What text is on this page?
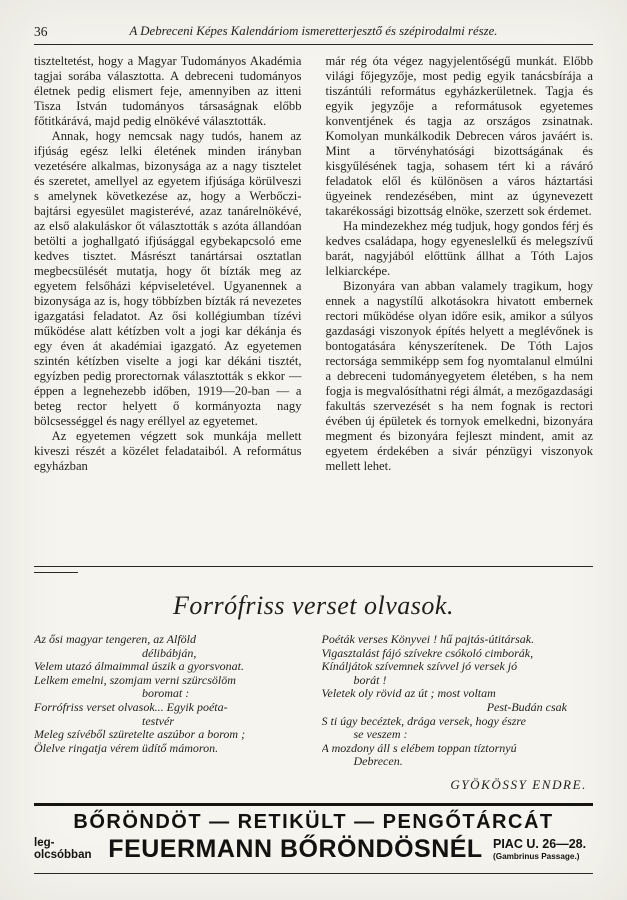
36	A Debreceni Képes Kalendáriom ismeretterjesztő és szépirodalmi része.

tiszteltetést, hogy a Magyar Tudományos Akadémia tagjai sorába választotta. A debreceni tudományos életnek pedig elismert feje, amennyiben az itteni Tisza István tudományos társaságnak előbb főtitkárává, majd pedig elnökévé választották.

Annak, hogy nemcsak nagy tudós, hanem az ifjúság egész lelki életének minden irányban vezetésére alkalmas, bizonysága az a nagy tisztelet és szeretet, amellyel az egyetem ifjúsága körülveszi s amelynek következése az, hogy a Werbőczi-bajtársi egyesület magisterévé, azaz tanárelnökévé, az első alakuláskor őt választották s azóta állandóan betölti a joghallgató ifjúsággal egybekapcsoló eme kedves tisztet. Másrészt tanártársai osztatlan megbecsülését mutatja, hogy őt bízták meg az egyetem felsőházi képviseletével. Ugyanennek a bizonysága az is, hogy többízben bízták rá nevezetes igazgatási feladatot. Az ősi kollégiumban tízévi működése alatt kétízben volt a jogi kar dékánja és egy éven át akadémiai igazgató. Az egyetemen szintén kétízben viselte a jogi kar dékáni tisztét, egyízben pedig prorectornak választották s ekkor — éppen a legnehezebb időben, 1919—20-ban — a beteg rector helyett ő kormányozta nagy bölcsességgel és nagy eréllyel az egyetemet.

Az egyetemen végzett sok munkája mellett kiveszi részét a közélet feladataiból. A református egyházban

már rég óta végez nagyjelentőségű munkát. Előbb világi főjegyzője, most pedig egyik tanácsbírája a tiszántúli református egyházkerületnek. Tagja és egyik jegyzője a reformátusok egyetemes konventjének és tagja az országos zsinatnak. Komolyan munkálkodik Debrecen város javáért is. Mint a törvényhatósági bizottságának és kisgyűlésének tagja, sohasem tért ki a ráváró feladatok elől és különösen a város háztartási ügyeinek rendezésében, mint az úgynevezett takarékossági bizottság elnöke, szerzett sok érdemet.

Ha mindezekhez még tudjuk, hogy gondos férj és kedves családapa, hogy egyeneslelkű és melegszívű barát, nagyjából előttünk állhat a Tóth Lajos lelkiarcképe.

Bizonyára van abban valamely tragikum, hogy ennek a nagystílű alkotásokra hivatott embernek rectori működése olyan időre esik, amikor a súlyos gazdasági viszonyok építés helyett a meglévőnek is bontogatására kényszerítenek. De Tóth Lajos rectorsága semmiképp sem fog nyomtalanul elmúlni a debreceni tudományegyetem életében, s ha nem fogja is megvalósíthatni régi álmát, a mezőgazdasági fakultás szervezését s ha nem fognak is rectori évében új épületek és tornyok emelkedni, bizonyára megment és bizonyára fejleszt mindent, amit az egyetem érdekében a sivár pénzügyi viszonyok mellett lehet.

Forrófriss verset olvasok.
Az ősi magyar tengeren, az Alföld
délibábján,
Velem utazó álmaimmal úszik a gyorsvonat.
Lelkem emelni, szomjam verni szürcsölöm
boromat :
Forrófriss verset olvasok... Egyik poéta-
testvér
Meleg szívéből szüretelte aszúbor a borom ;
Ölelve ringatja vérem üdítő mámoron.
Poéták verses Könyvei ! hű pajtás-útitársak.
Vigasztalást fájó szívekre csókoló cimborák,
Kínáljátok szívemnek szívvel jó versek jó
borát !
Veletek oly rövid az út ; most voltam
Pest-Budán csak
S ti úgy becéztek, drága versek, hogy észre
se veszem :
A mozdony áll s elébem toppan tíztornyú
Debrecen.
GYÖKÖSSY ENDRE.
BŐRÖNDÖT — RETIKÜLT — PENGŐTÁRCÁT
leg-
olcsóbban FEUERMANN BŐRÖNDÖSNÉL PIAC U. 26—28.
(Gambrinus Passage.)
